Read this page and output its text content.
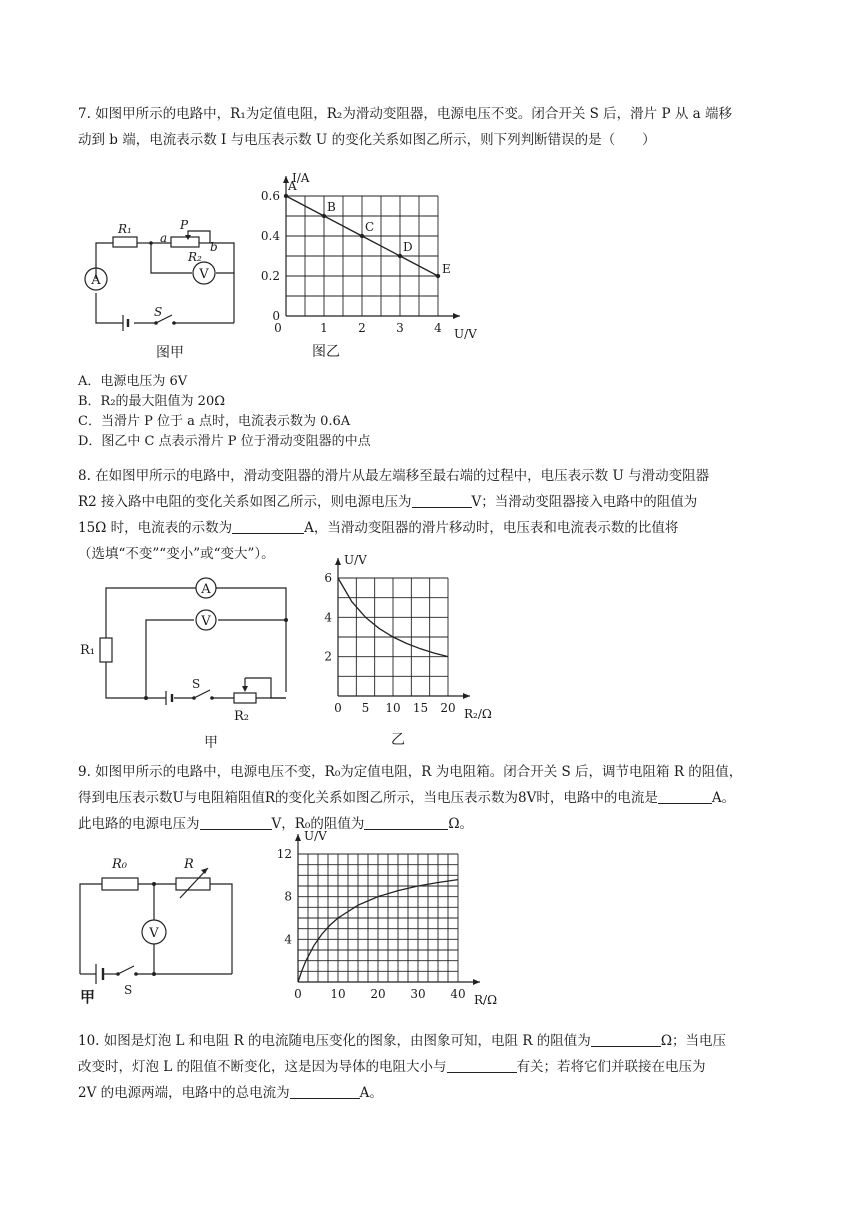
7. 如图甲所示的电路中，R₁为定值电阻，R₂为滑动变阻器，电源电压不变。闭合开关 S 后，滑片 P 从 a 端移
动到 b 端，电流表示数 I 与电压表示数 U 的变化关系如图乙所示，则下列判断错误的是（　　）
A	V
R₁
R₂
a
b
P
S
图甲
0	1	2	3	4
0
0.2
0.4
0.6
U/V
I/A
A
B
C
D
E
图乙
A．电源电压为 6V
B．R₂的最大阻值为 20Ω
C．当滑片 P 位于 a 点时，电流表示数为 0.6A
D．图乙中 C 点表示滑片 P 位于滑动变阻器的中点
8. 在如图甲所示的电路中，滑动变阻器的滑片从最左端移至最右端的过程中，电压表示数 U 与滑动变阻器
R2 接入路中电阻的变化关系如图乙所示，则电源电压为	V；当滑动变阻器接入电路中的阻值为
15Ω 时，电流表的示数为	A，当滑动变阻器的滑片移动时，电压表和电流表示数的比值将
（选填“不变”“变小”或“变大”）。
A
V
R₁
R₂
S
甲
0 5 10 15 20
2
4
6
R₂/Ω
U/V
乙
9. 如图甲所示的电路中，电源电压不变，R₀为定值电阻，R 为电阻箱。闭合开关 S 后，调节电阻箱 R 的阻值，
得到电压表示数U与电阻箱阻值R的变化关系如图乙所示，当电压表示数为8V时，电路中的电流是	A。
此电路的电源电压为	V，R₀的阻值为	Ω。
V
R₀	R
S
甲	0 10 20 30 40
4
8
12
R/Ω
U/V
10. 如图是灯泡 L 和电阻 R 的电流随电压变化的图象，由图象可知，电阻 R 的阻值为	Ω；当电压
改变时，灯泡 L 的阻值不断变化，这是因为导体的电阻大小与	有关；若将它们并联接在电压为
2V 的电源两端，电路中的总电流为	A。
